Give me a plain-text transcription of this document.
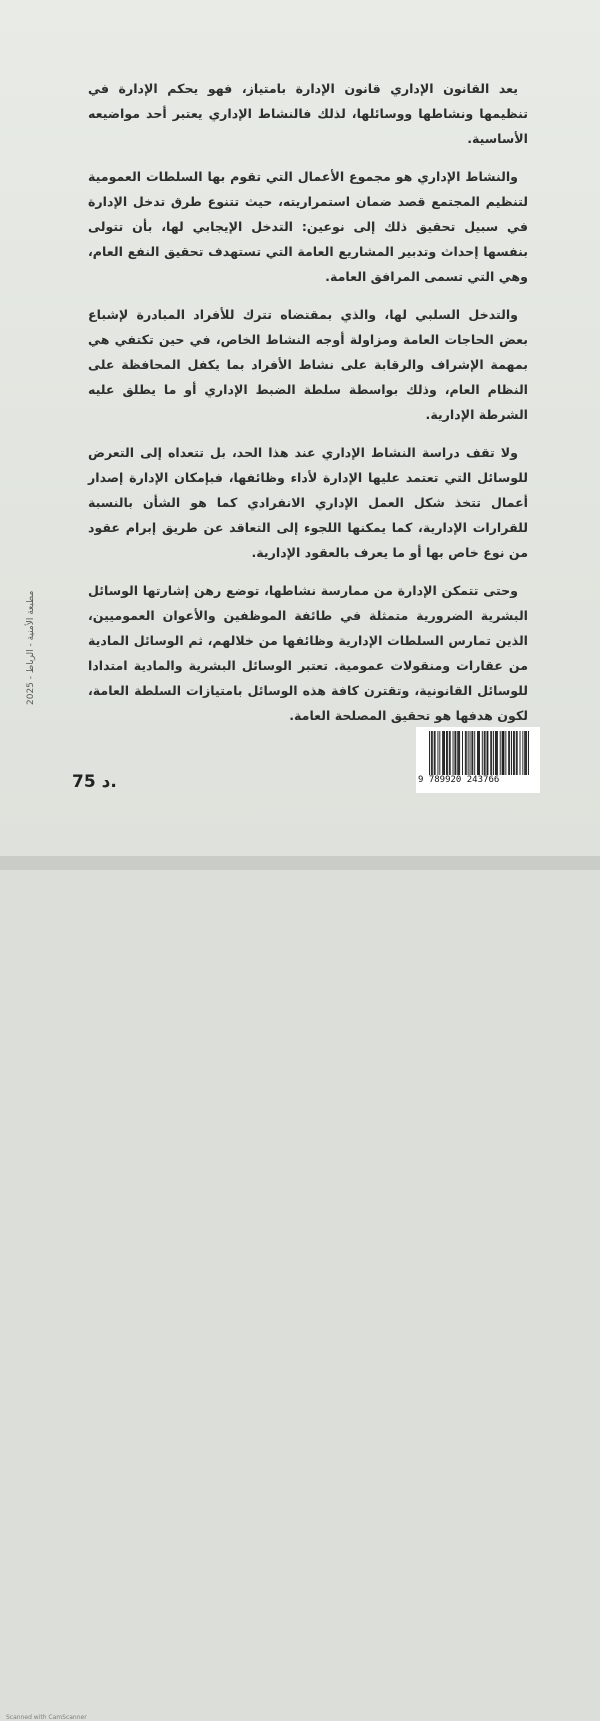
يعد القانون الإداري قانون الإدارة بامتياز، فهو يحكم الإدارة في تنظيمها ونشاطها ووسائلها، لذلك فالنشاط الإداري يعتبر أحد مواضيعه الأساسية.

والنشاط الإداري هو مجموع الأعمال التي تقوم بها السلطات العمومية لتنظيم المجتمع قصد ضمان استمراريته، حيث تتنوع طرق تدخل الإدارة في سبيل تحقيق ذلك إلى نوعين: التدخل الإيجابي لها، بأن تتولى بنفسها إحداث وتدبير المشاريع العامة التي تستهدف تحقيق النفع العام، وهي التي تسمى المرافق العامة.

والتدخل السلبي لها، والذي بمقتضاه تترك للأفراد المبادرة لإشباع بعض الحاجات العامة ومزاولة أوجه النشاط الخاص، في حين تكتفي هي بمهمة الإشراف والرقابة على نشاط الأفراد بما يكفل المحافظة على النظام العام، وذلك بواسطة سلطة الضبط الإداري أو ما يطلق عليه الشرطة الإدارية.

ولا تقف دراسة النشاط الإداري عند هذا الحد، بل تتعداه إلى التعرض للوسائل التي تعتمد عليها الإدارة لأداء وظائفها، فبإمكان الإدارة إصدار أعمال تتخذ شكل العمل الإداري الانفرادي كما هو الشأن بالنسبة للقرارات الإدارية، كما يمكنها اللجوء إلى التعاقد عن طريق إبرام عقود من نوع خاص بها أو ما يعرف بالعقود الإدارية.

وحتى تتمكن الإدارة من ممارسة نشاطها، توضع رهن إشارتها الوسائل البشرية الضرورية متمثلة في طائفة الموظفين والأعوان العموميين، الذين تمارس السلطات الإدارية وظائفها من خلالهم، ثم الوسائل المادية من عقارات ومنقولات عمومية. تعتبر الوسائل البشرية والمادية امتدادا للوسائل القانونية، وتقترن كافة هذه الوسائل بامتيازات السلطة العامة، لكون هدفها هو تحقيق المصلحة العامة.

مطبعة الأمنية - الرباط - 2025
75 د.	9 789920 243766
Scanned with CamScanner
